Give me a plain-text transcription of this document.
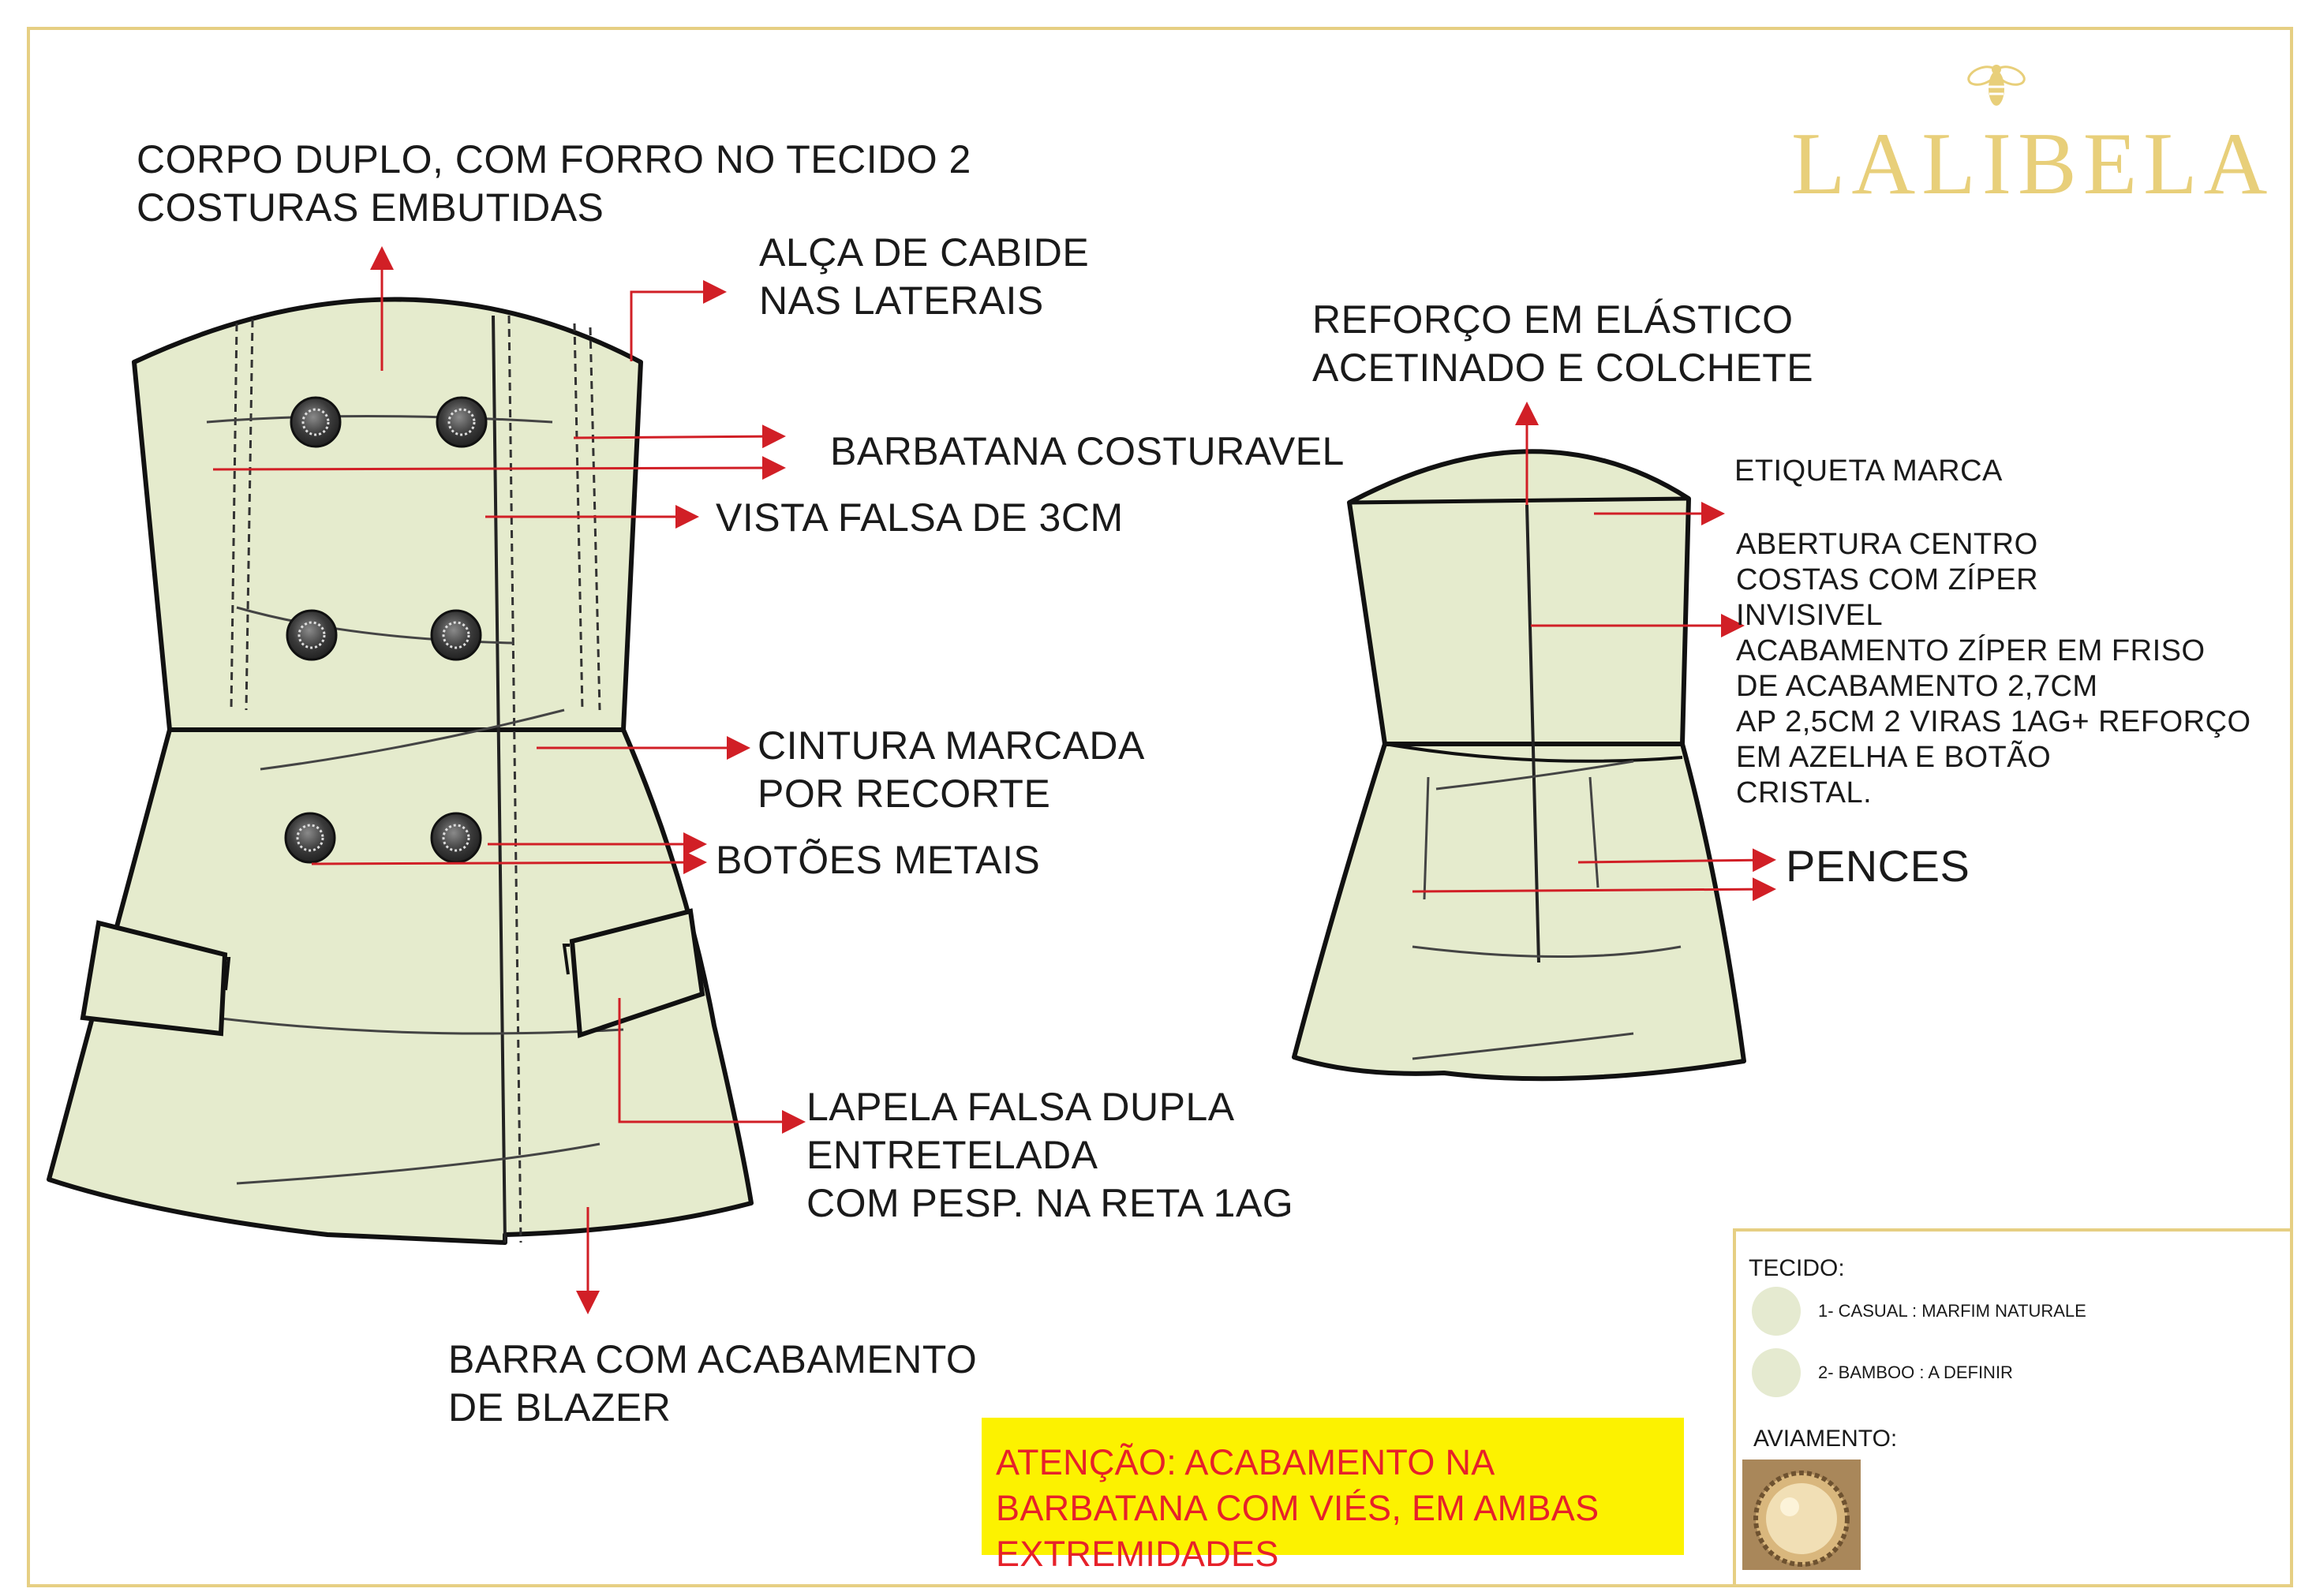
LALIBELA
CORPO DUPLO, COM FORRO NO TECIDO 2
COSTURAS EMBUTIDAS
ALÇA DE CABIDE
NAS LATERAIS
BARBATANA COSTURAVEL
VISTA FALSA DE 3CM
CINTURA MARCADA
POR RECORTE
BOTÕES METAIS
LAPELA FALSA DUPLA
ENTRETELADA
COM PESP. NA RETA 1AG
BARRA COM ACABAMENTO
DE BLAZER
REFORÇO EM ELÁSTICO
ACETINADO E COLCHETE
ETIQUETA MARCA
ABERTURA CENTRO
COSTAS COM ZÍPER
INVISIVEL
ACABAMENTO ZÍPER EM FRISO
DE ACABAMENTO 2,7CM
AP 2,5CM 2 VIRAS 1AG+ REFORÇO
EM AZELHA E BOTÃO
CRISTAL.
PENCES
TECIDO:
1- CASUAL : MARFIM NATURALE
2- BAMBOO : A DEFINIR
AVIAMENTO:
ATENÇÃO: ACABAMENTO NA BARBATANA COM VIÉS, EM AMBAS EXTREMIDADES
